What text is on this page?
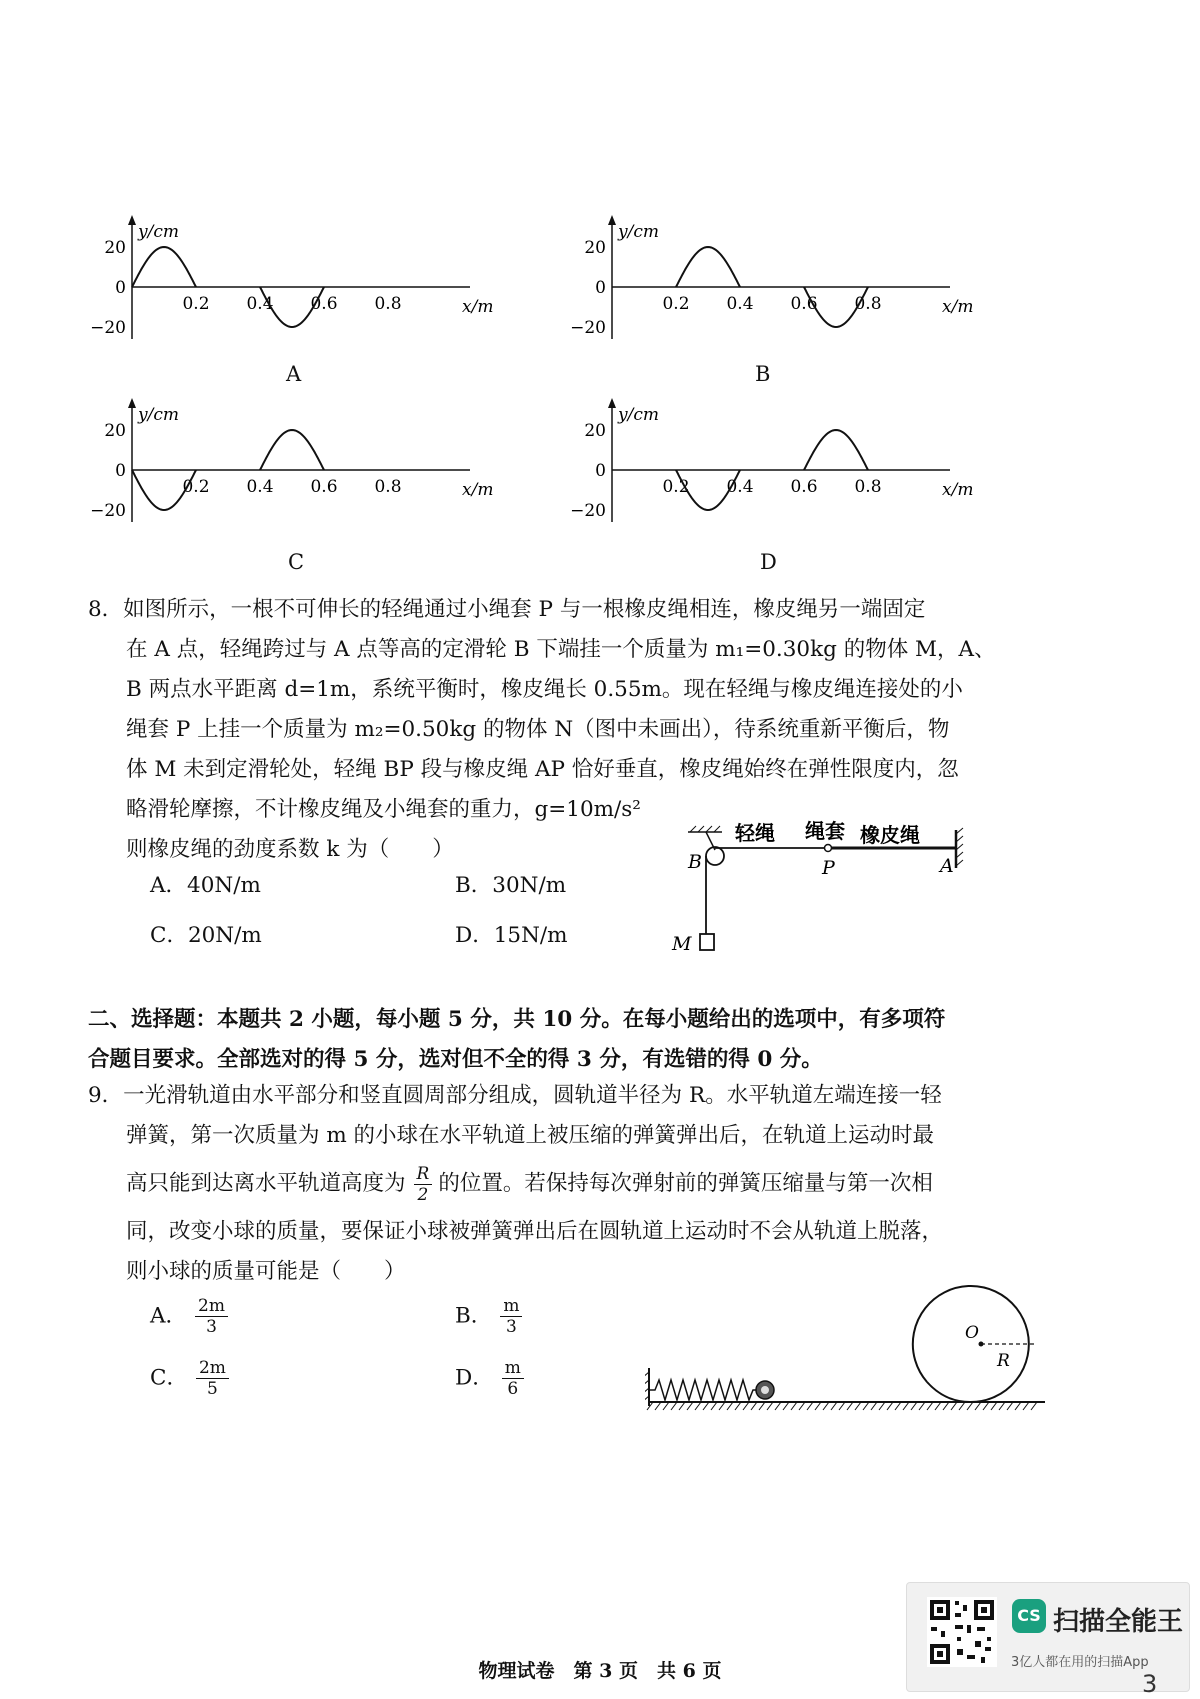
y/cm
x/m
20
0
−20
0.2 0.4 0.6 0.8
A
y/cm
x/m
20
0
−20
0.2 0.4 0.6 0.8
B
y/cm
x/m
20
0
−20
0.2 0.4 0.6 0.8
C
y/cm
x/m
20
0
−20
0.2 0.4 0.6 0.8
D

8．如图所示，一根不可伸长的轻绳通过小绳套 P 与一根橡皮绳相连，橡皮绳另一端固定

在 A 点，轻绳跨过与 A 点等高的定滑轮 B 下端挂一个质量为 m₁=0.30kg 的物体 M，A、

B 两点水平距离 d=1m，系统平衡时，橡皮绳长 0.55m。现在轻绳与橡皮绳连接处的小

绳套 P 上挂一个质量为 m₂=0.50kg 的物体 N（图中未画出），待系统重新平衡后，物

体 M 未到定滑轮处，轻绳 BP 段与橡皮绳 AP 恰好垂直，橡皮绳始终在弹性限度内，忽

略滑轮摩擦，不计橡皮绳及小绳套的重力，g=10m/s²

则橡皮绳的劲度系数 k 为（　　）

A．40N/m	B．30N/m
C．20N/m	D．15N/m
轻绳 绳套 橡皮绳
B	P	A
M
二、选择题：本题共 2 小题，每小题 5 分，共 10 分。在每小题给出的选项中，有多项符
合题目要求。全部选对的得 5 分，选对但不全的得 3 分，有选错的得 0 分。

9．一光滑轨道由水平部分和竖直圆周部分组成，圆轨道半径为 R。水平轨道左端连接一轻

弹簧，第一次质量为 m 的小球在水平轨道上被压缩的弹簧弹出后，在轨道上运动时最

高只能到达离水平轨道高度为 $\frac{R}{2}$ 的位置。若保持每次弹射前的弹簧压缩量与第一次相

同，改变小球的质量，要保证小球被弹簧弹出后在圆轨道上运动时不会从轨道上脱落，

则小球的质量可能是（　　）

A． $\frac{2m}{3}$	B． $\frac{m}{3}$
C． $\frac{2m}{5}$	D． $\frac{m}{6}$
O
R
物理试卷　第 3 页　共 6 页
CS 扫描全能王
3亿人都在用的扫描App
3
